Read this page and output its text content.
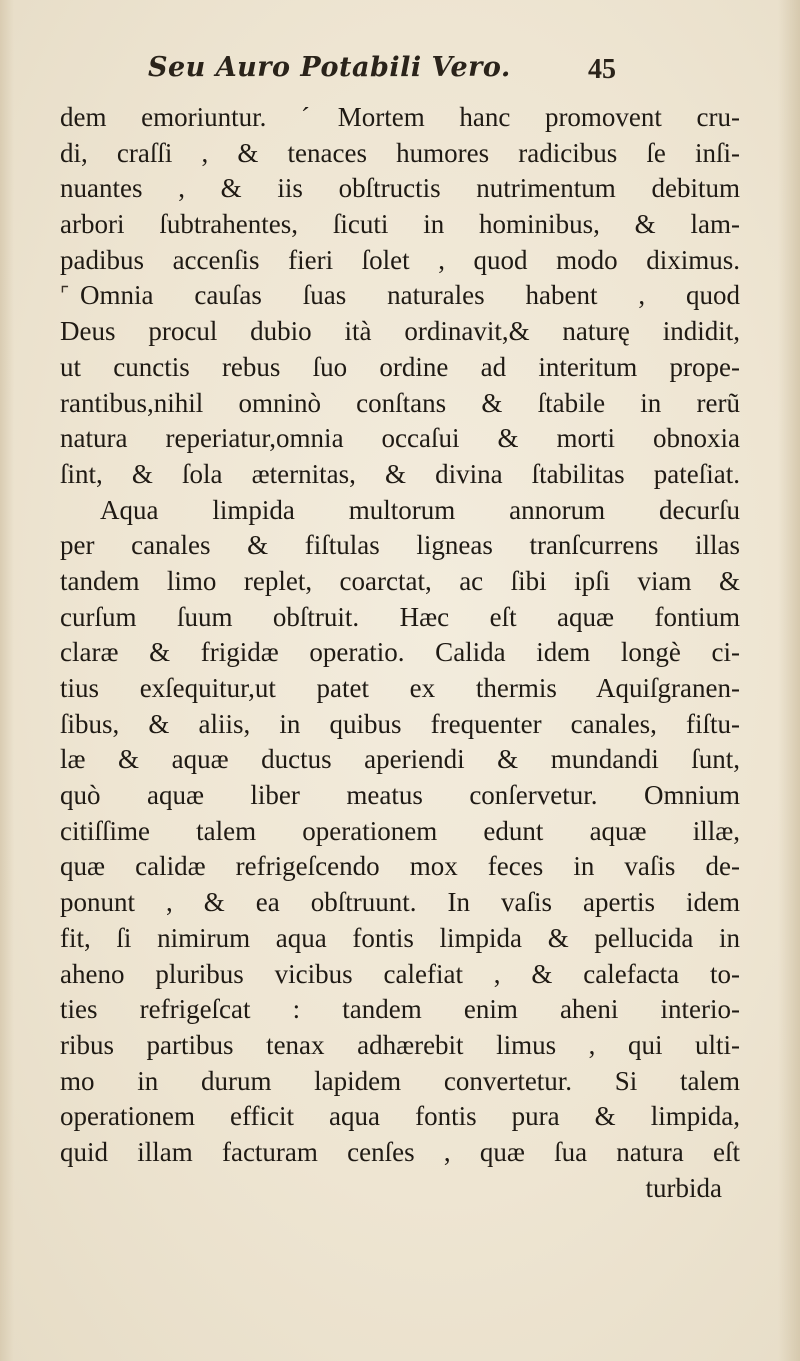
Seu Auro Potabili Vero.	45
dem emoriuntur. ˊMortem hanc promovent cru-
di, craſſi , & tenaces humores radicibus ſe inſi-
nuantes , & iis obſtructis nutrimentum debitum
arbori ſubtrahentes, ſicuti in hominibus, & lam-
padibus accenſis fieri ſolet , quod modo diximus.
⌜ Omnia cauſas ſuas naturales habent , quod
Deus procul dubio ità ordinavit,& naturę indidit,
ut cunctis rebus ſuo ordine ad interitum prope-
rantibus,nihil omninò conſtans & ſtabile in rerũ
natura reperiatur,omnia occaſui & morti obnoxia
ſint, & ſola æternitas, & divina ſtabilitas pateſiat.
Aqua limpida multorum annorum decurſu
per canales & fiſtulas ligneas tranſcurrens illas
tandem limo replet, coarctat, ac ſibi ipſi viam &
curſum ſuum obſtruit. Hæc eſt aquæ fontium
claræ & frigidæ operatio. Calida idem longè ci-
tius exſequitur,ut patet ex thermis Aquiſgranen-
ſibus, & aliis, in quibus frequenter canales, fiſtu-
læ & aquæ ductus aperiendi & mundandi ſunt,
quò aquæ liber meatus conſervetur. Omnium
citiſſime talem operationem edunt aquæ illæ,
quæ calidæ refrigeſcendo mox feces in vaſis de-
ponunt , & ea obſtruunt. In vaſis apertis idem
fit, ſi nimirum aqua fontis limpida & pellucida in
aheno pluribus vicibus calefiat , & calefacta to-
ties refrigeſcat : tandem enim aheni interio-
ribus partibus tenax adhærebit limus , qui ulti-
mo in durum lapidem convertetur. Si talem
operationem efficit aqua fontis pura & limpida,
quid illam facturam cenſes , quæ ſua natura eſt
turbida
